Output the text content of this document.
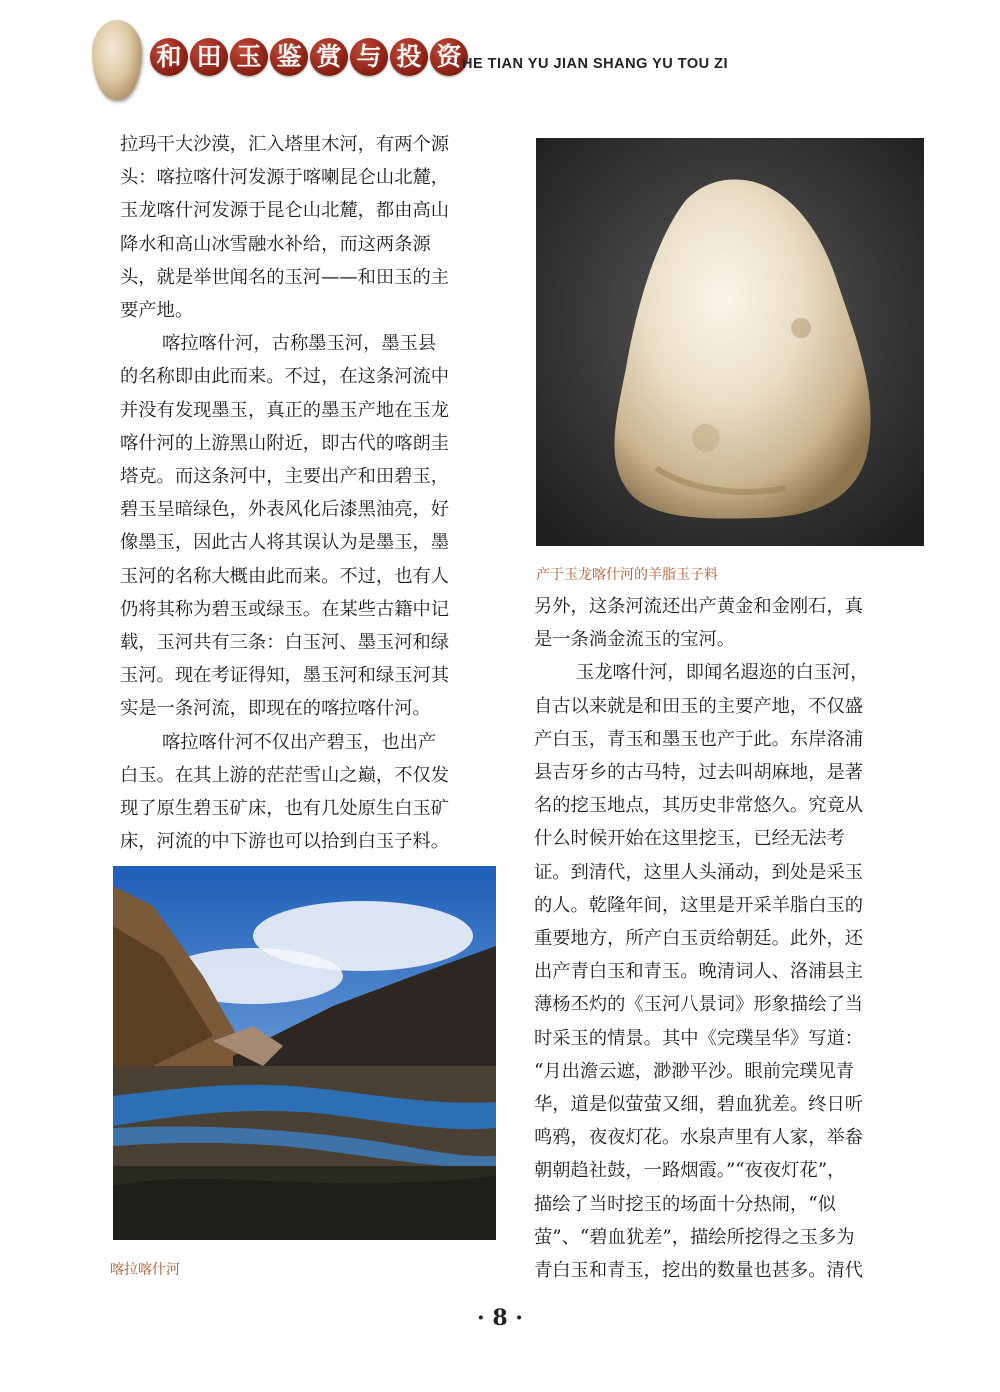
和 田 玉 鉴 赏 与 投 资 HE TIAN YU JIAN SHANG YU TOU ZI

拉玛干大沙漠，汇入塔里木河，有两个源

头：喀拉喀什河发源于喀喇昆仑山北麓，

玉龙喀什河发源于昆仑山北麓，都由高山

降水和高山冰雪融水补给，而这两条源

头，就是举世闻名的玉河——和田玉的主

要产地。

喀拉喀什河，古称墨玉河，墨玉县

的名称即由此而来。不过，在这条河流中

并没有发现墨玉，真正的墨玉产地在玉龙

喀什河的上游黑山附近，即古代的喀朗圭

塔克。而这条河中，主要出产和田碧玉，

碧玉呈暗绿色，外表风化后漆黑油亮，好

像墨玉，因此古人将其误认为是墨玉，墨

玉河的名称大概由此而来。不过，也有人

仍将其称为碧玉或绿玉。在某些古籍中记

载，玉河共有三条：白玉河、墨玉河和绿

玉河。现在考证得知，墨玉河和绿玉河其

实是一条河流，即现在的喀拉喀什河。

喀拉喀什河不仅出产碧玉，也出产

白玉。在其上游的茫茫雪山之巅，不仅发

现了原生碧玉矿床，也有几处原生白玉矿

床，河流的中下游也可以拾到白玉子料。

产于玉龙喀什河的羊脂玉子料

另外，这条河流还出产黄金和金刚石，真

是一条淌金流玉的宝河。

玉龙喀什河，即闻名遐迩的白玉河，

自古以来就是和田玉的主要产地，不仅盛

产白玉，青玉和墨玉也产于此。东岸洛浦

县吉牙乡的古马特，过去叫胡麻地，是著

名的挖玉地点，其历史非常悠久。究竟从

什么时候开始在这里挖玉，已经无法考

证。到清代，这里人头涌动，到处是采玉

的人。乾隆年间，这里是开采羊脂白玉的

重要地方，所产白玉贡给朝廷。此外，还

出产青白玉和青玉。晚清词人、洛浦县主

薄杨丕灼的《玉河八景词》形象描绘了当

时采玉的情景。其中《完璞呈华》写道：

“月出澹云遮，渺渺平沙。眼前完璞见青

华，道是似萤萤又细，碧血犹差。终日听

鸣鸦，夜夜灯花。水泉声里有人家，举畚

朝朝趋社鼓，一路烟霞。”“夜夜灯花”，

描绘了当时挖玉的场面十分热闹，“似

萤”、“碧血犹差”，描绘所挖得之玉多为

青白玉和青玉，挖出的数量也甚多。清代

喀拉喀什河
· 8 ·
